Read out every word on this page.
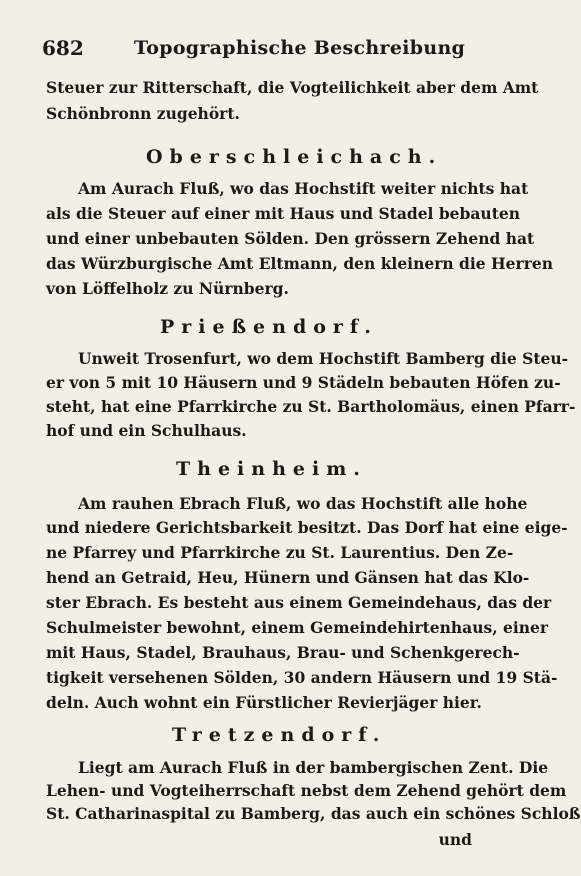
682	Topographische Beschreibung
Steuer zur Ritterschaft, die Vogteilichkeit aber dem Amt
Schönbronn zugehört.
Oberschleichach.
Am Aurach Fluß, wo das Hochstift weiter nichts hat
als die Steuer auf einer mit Haus und Stadel bebauten
und einer unbebauten Sölden. Den grössern Zehend hat
das Würzburgische Amt Eltmann, den kleinern die Herren
von Löffelholz zu Nürnberg.
Prießendorf.
Unweit Trosenfurt, wo dem Hochstift Bamberg die Steu-
er von 5 mit 10 Häusern und 9 Städeln bebauten Höfen zu-
steht, hat eine Pfarrkirche zu St. Bartholomäus, einen Pfarr-
hof und ein Schulhaus.
Theinheim.
Am rauhen Ebrach Fluß, wo das Hochstift alle hohe
und niedere Gerichtsbarkeit besitzt. Das Dorf hat eine eige-
ne Pfarrey und Pfarrkirche zu St. Laurentius. Den Ze-
hend an Getraid, Heu, Hünern und Gänsen hat das Klo-
ster Ebrach. Es besteht aus einem Gemeindehaus, das der
Schulmeister bewohnt, einem Gemeindehirtenhaus, einer
mit Haus, Stadel, Brauhaus, Brau- und Schenkgerech-
tigkeit versehenen Sölden, 30 andern Häusern und 19 Stä-
deln. Auch wohnt ein Fürstlicher Revierjäger hier.
Tretzendorf.
Liegt am Aurach Fluß in der bambergischen Zent. Die
Lehen- und Vogteiherrschaft nebst dem Zehend gehört dem
St. Catharinaspital zu Bamberg, das auch ein schönes Schloß
und
